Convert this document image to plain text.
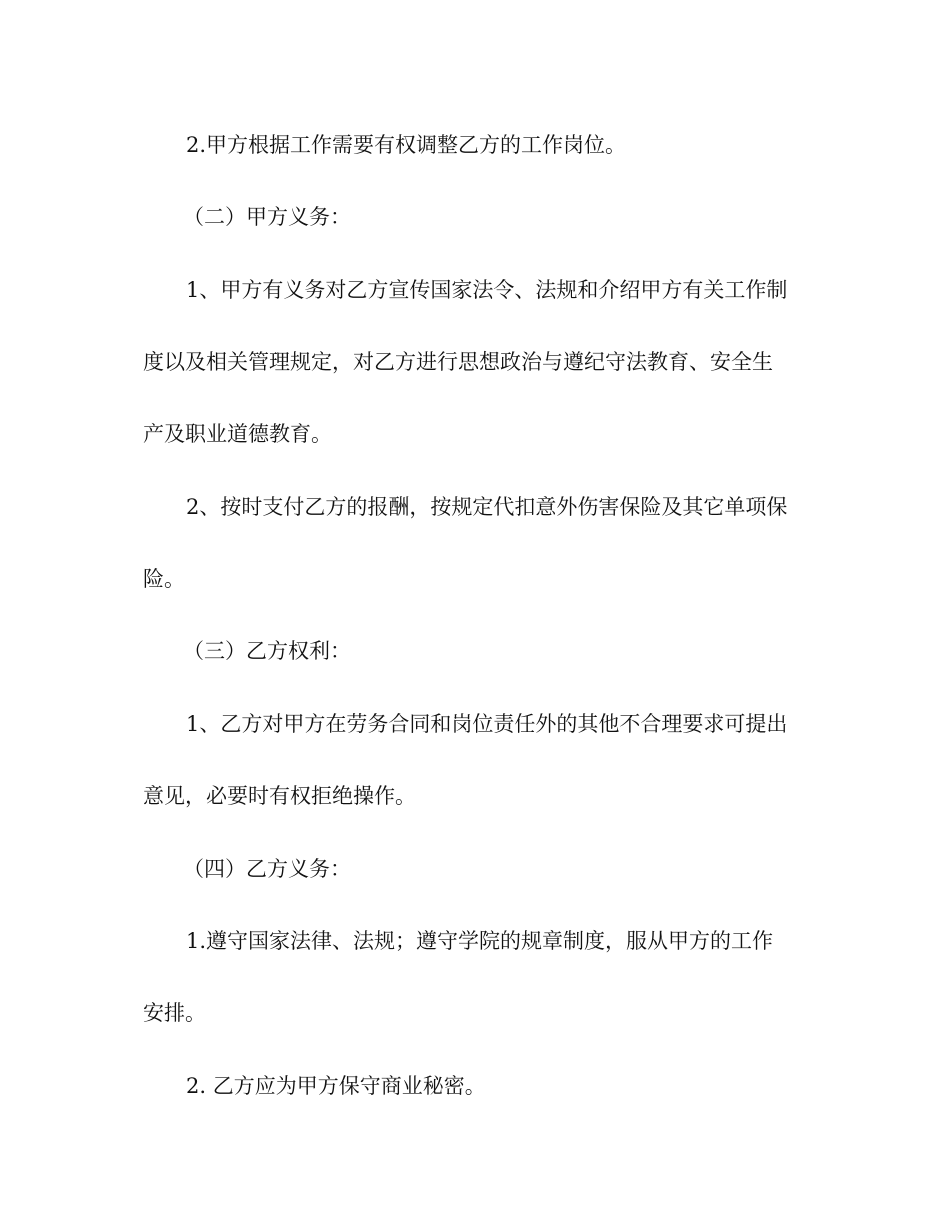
2.甲方根据工作需要有权调整乙方的工作岗位。
（二）甲方义务：
1、甲方有义务对乙方宣传国家法令、法规和介绍甲方有关工作制
度以及相关管理规定，对乙方进行思想政治与遵纪守法教育、安全生
产及职业道德教育。
2、按时支付乙方的报酬，按规定代扣意外伤害保险及其它单项保
险。
（三）乙方权利：
1、乙方对甲方在劳务合同和岗位责任外的其他不合理要求可提出
意见，必要时有权拒绝操作。
（四）乙方义务：
1.遵守国家法律、法规；遵守学院的规章制度，服从甲方的工作
安排。
2. 乙方应为甲方保守商业秘密。
